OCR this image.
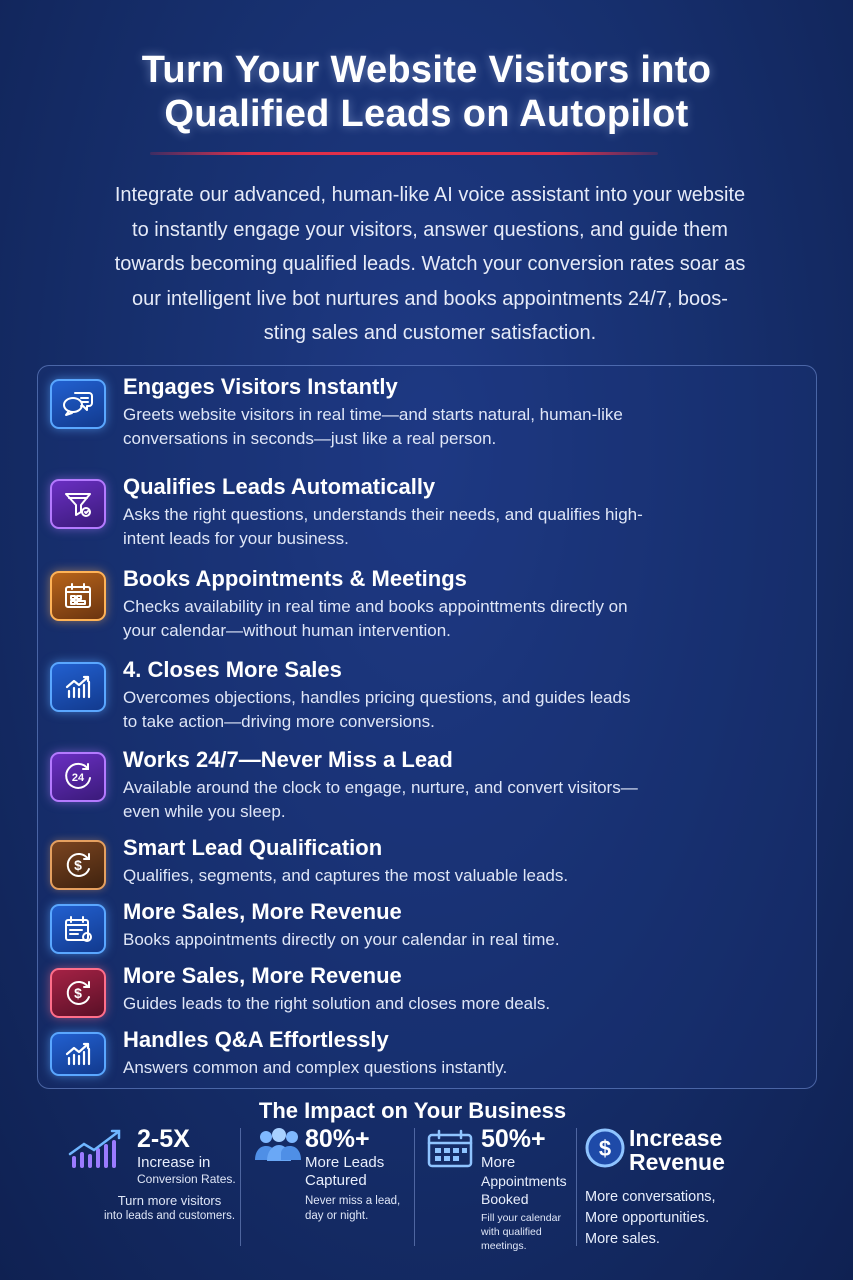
Turn Your Website Visitors into
Qualified Leads on Autopilot
Integrate our advanced, human-like AI voice assistant into your website
to instantly engage your visitors, answer questions, and guide them
towards becoming qualified leads. Watch your conversion rates soar as
our intelligent live bot nurtures and books appointments 24/7, boos-
sting sales and customer satisfaction.
Engages Visitors Instantly
Greets website visitors in real time—and starts natural, human-like
conversations in seconds—just like a real person.
Qualifies Leads Automatically
Asks the right questions, understands their needs, and qualifies high-
intent leads for your business.
Books Appointments & Meetings
Checks availability in real time and books appointtments directly on
your calendar—without human intervention.
4. Closes More Sales
Overcomes objections, handles pricing questions, and guides leads
to take action—driving more conversions.
24
Works 24/7—Never Miss a Lead
Available around the clock to engage, nurture, and convert visitors—
even while you sleep.
$
Smart Lead Qualification
Qualifies, segments, and captures the most valuable leads.
More Sales, More Revenue
Books appointments directly on your calendar in real time.
$
More Sales, More Revenue
Guides leads to the right solution and closes more deals.
Handles Q&A Effortlessly
Answers common and complex questions instantly.
The Impact on Your Business
2-5X
Increase in
Conversion Rates.
Turn more visitors
into leads and customers.
80%+
More Leads
Captured
Never miss a lead,
day or night.
50%+
More
Appointments
Booked
Fill your calendar
with qualified
meetings.
$ Increase
Revenue
More conversations,
More opportunities.
More sales.
